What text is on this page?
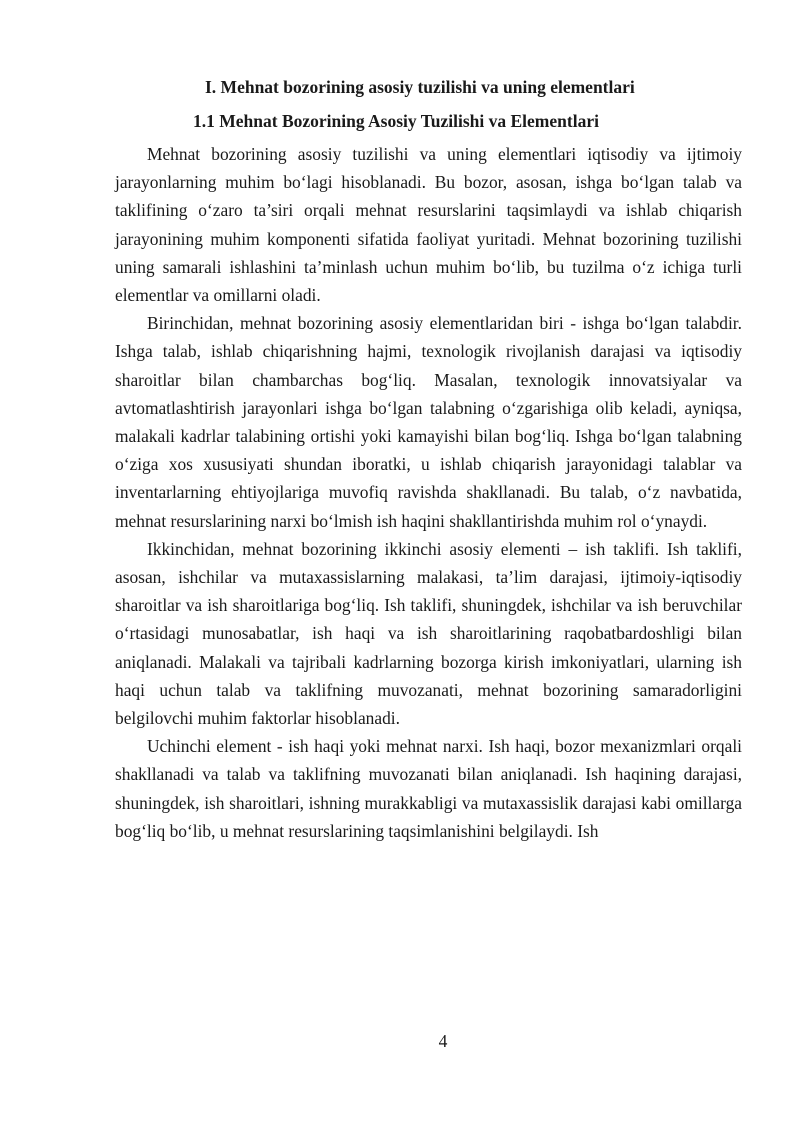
I. Mehnat bozorining asosiy tuzilishi va uning elementlari
1.1 Mehnat Bozorining Asosiy Tuzilishi va Elementlari

Mehnat bozorining asosiy tuzilishi va uning elementlari iqtisodiy va ijtimoiy jarayonlarning muhim bo‘lagi hisoblanadi. Bu bozor, asosan, ishga bo‘lgan talab va taklifining o‘zaro ta’siri orqali mehnat resurslarini taqsimlaydi va ishlab chiqarish jarayonining muhim komponenti sifatida faoliyat yuritadi. Mehnat bozorining tuzilishi uning samarali ishlashini ta’minlash uchun muhim bo‘lib, bu tuzilma o‘z ichiga turli elementlar va omillarni oladi.

Birinchidan, mehnat bozorining asosiy elementlaridan biri - ishga bo‘lgan talabdir. Ishga talab, ishlab chiqarishning hajmi, texnologik rivojlanish darajasi va iqtisodiy sharoitlar bilan chambarchas bog‘liq. Masalan, texnologik innovatsiyalar va avtomatlashtirish jarayonlari ishga bo‘lgan talabning o‘zgarishiga olib keladi, ayniqsa, malakali kadrlar talabining ortishi yoki kamayishi bilan bog‘liq. Ishga bo‘lgan talabning o‘ziga xos xususiyati shundan iboratki, u ishlab chiqarish jarayonidagi talablar va inventarlarning ehtiyojlariga muvofiq ravishda shakllanadi. Bu talab, o‘z navbatida, mehnat resurslarining narxi bo‘lmish ish haqini shakllantirishda muhim rol o‘ynaydi.

Ikkinchidan, mehnat bozorining ikkinchi asosiy elementi – ish taklifi. Ish taklifi, asosan, ishchilar va mutaxassislarning malakasi, ta’lim darajasi, ijtimoiy-iqtisodiy sharoitlar va ish sharoitlariga bog‘liq. Ish taklifi, shuningdek, ishchilar va ish beruvchilar o‘rtasidagi munosabatlar, ish haqi va ish sharoitlarining raqobatbardoshligi bilan aniqlanadi. Malakali va tajribali kadrlarning bozorga kirish imkoniyatlari, ularning ish haqi uchun talab va taklifning muvozanati, mehnat bozorining samaradorligini belgilovchi muhim faktorlar hisoblanadi.

Uchinchi element - ish haqi yoki mehnat narxi. Ish haqi, bozor mexanizmlari orqali shakllanadi va talab va taklifning muvozanati bilan aniqlanadi. Ish haqining darajasi, shuningdek, ish sharoitlari, ishning murakkabligi va mutaxassislik darajasi kabi omillarga bog‘liq bo‘lib, u mehnat resurslarining taqsimlanishini belgilaydi. Ish

4
